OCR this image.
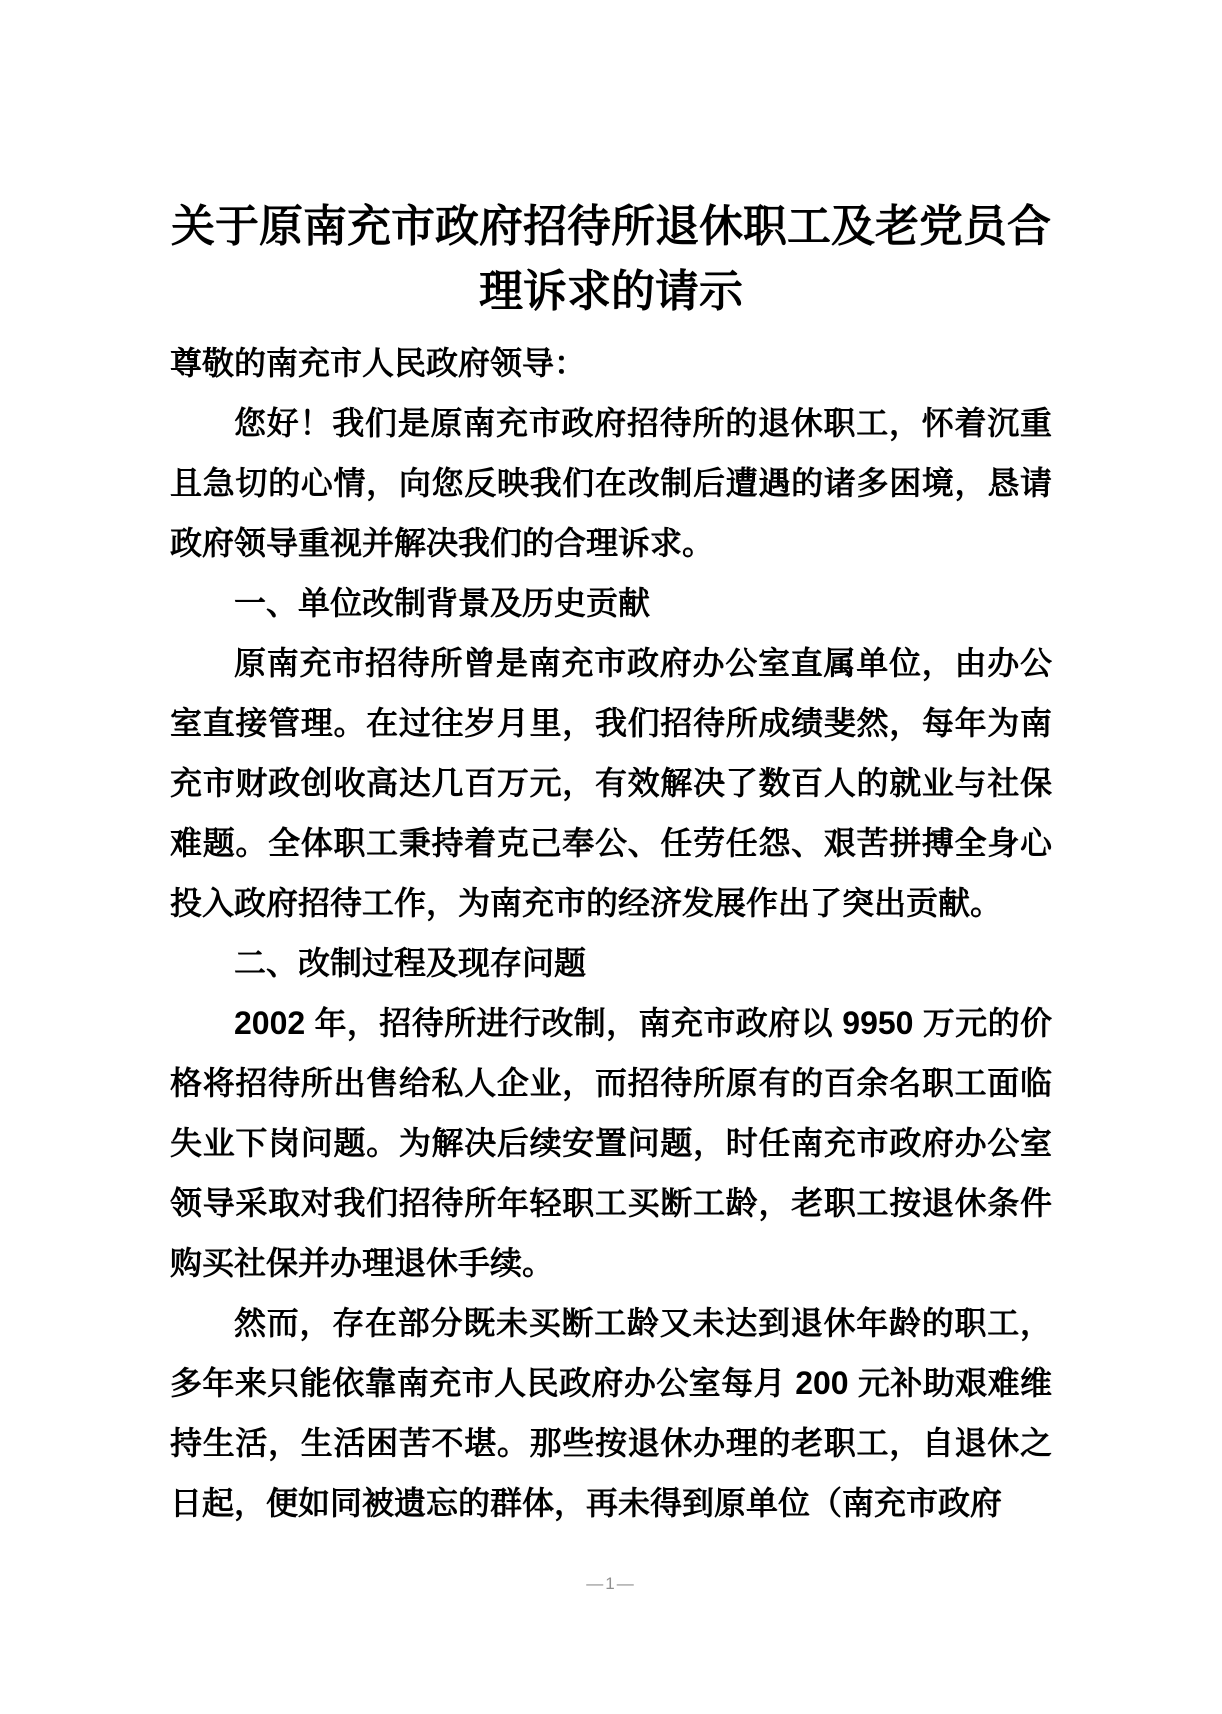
关于原南充市政府招待所退休职工及老党员合理诉求的请示

尊敬的南充市人民政府领导：

您好！我们是原南充市政府招待所的退休职工，怀着沉重且急切的心情，向您反映我们在改制后遭遇的诸多困境，恳请政府领导重视并解决我们的合理诉求。

一、单位改制背景及历史贡献

原南充市招待所曾是南充市政府办公室直属单位，由办公室直接管理。在过往岁月里，我们招待所成绩斐然，每年为南充市财政创收高达几百万元，有效解决了数百人的就业与社保难题。全体职工秉持着克己奉公、任劳任怨、艰苦拼搏全身心投入政府招待工作，为南充市的经济发展作出了突出贡献。

二、改制过程及现存问题

2002 年，招待所进行改制，南充市政府以 9950 万元的价格将招待所出售给私人企业，而招待所原有的百余名职工面临失业下岗问题。为解决后续安置问题，时任南充市政府办公室领导采取对我们招待所年轻职工买断工龄，老职工按退休条件购买社保并办理退休手续。

然而，存在部分既未买断工龄又未达到退休年龄的职工，多年来只能依靠南充市人民政府办公室每月 200 元补助艰难维持生活，生活困苦不堪。那些按退休办理的老职工，自退休之日起，便如同被遗忘的群体，再未得到原单位（南充市政府

—1—
